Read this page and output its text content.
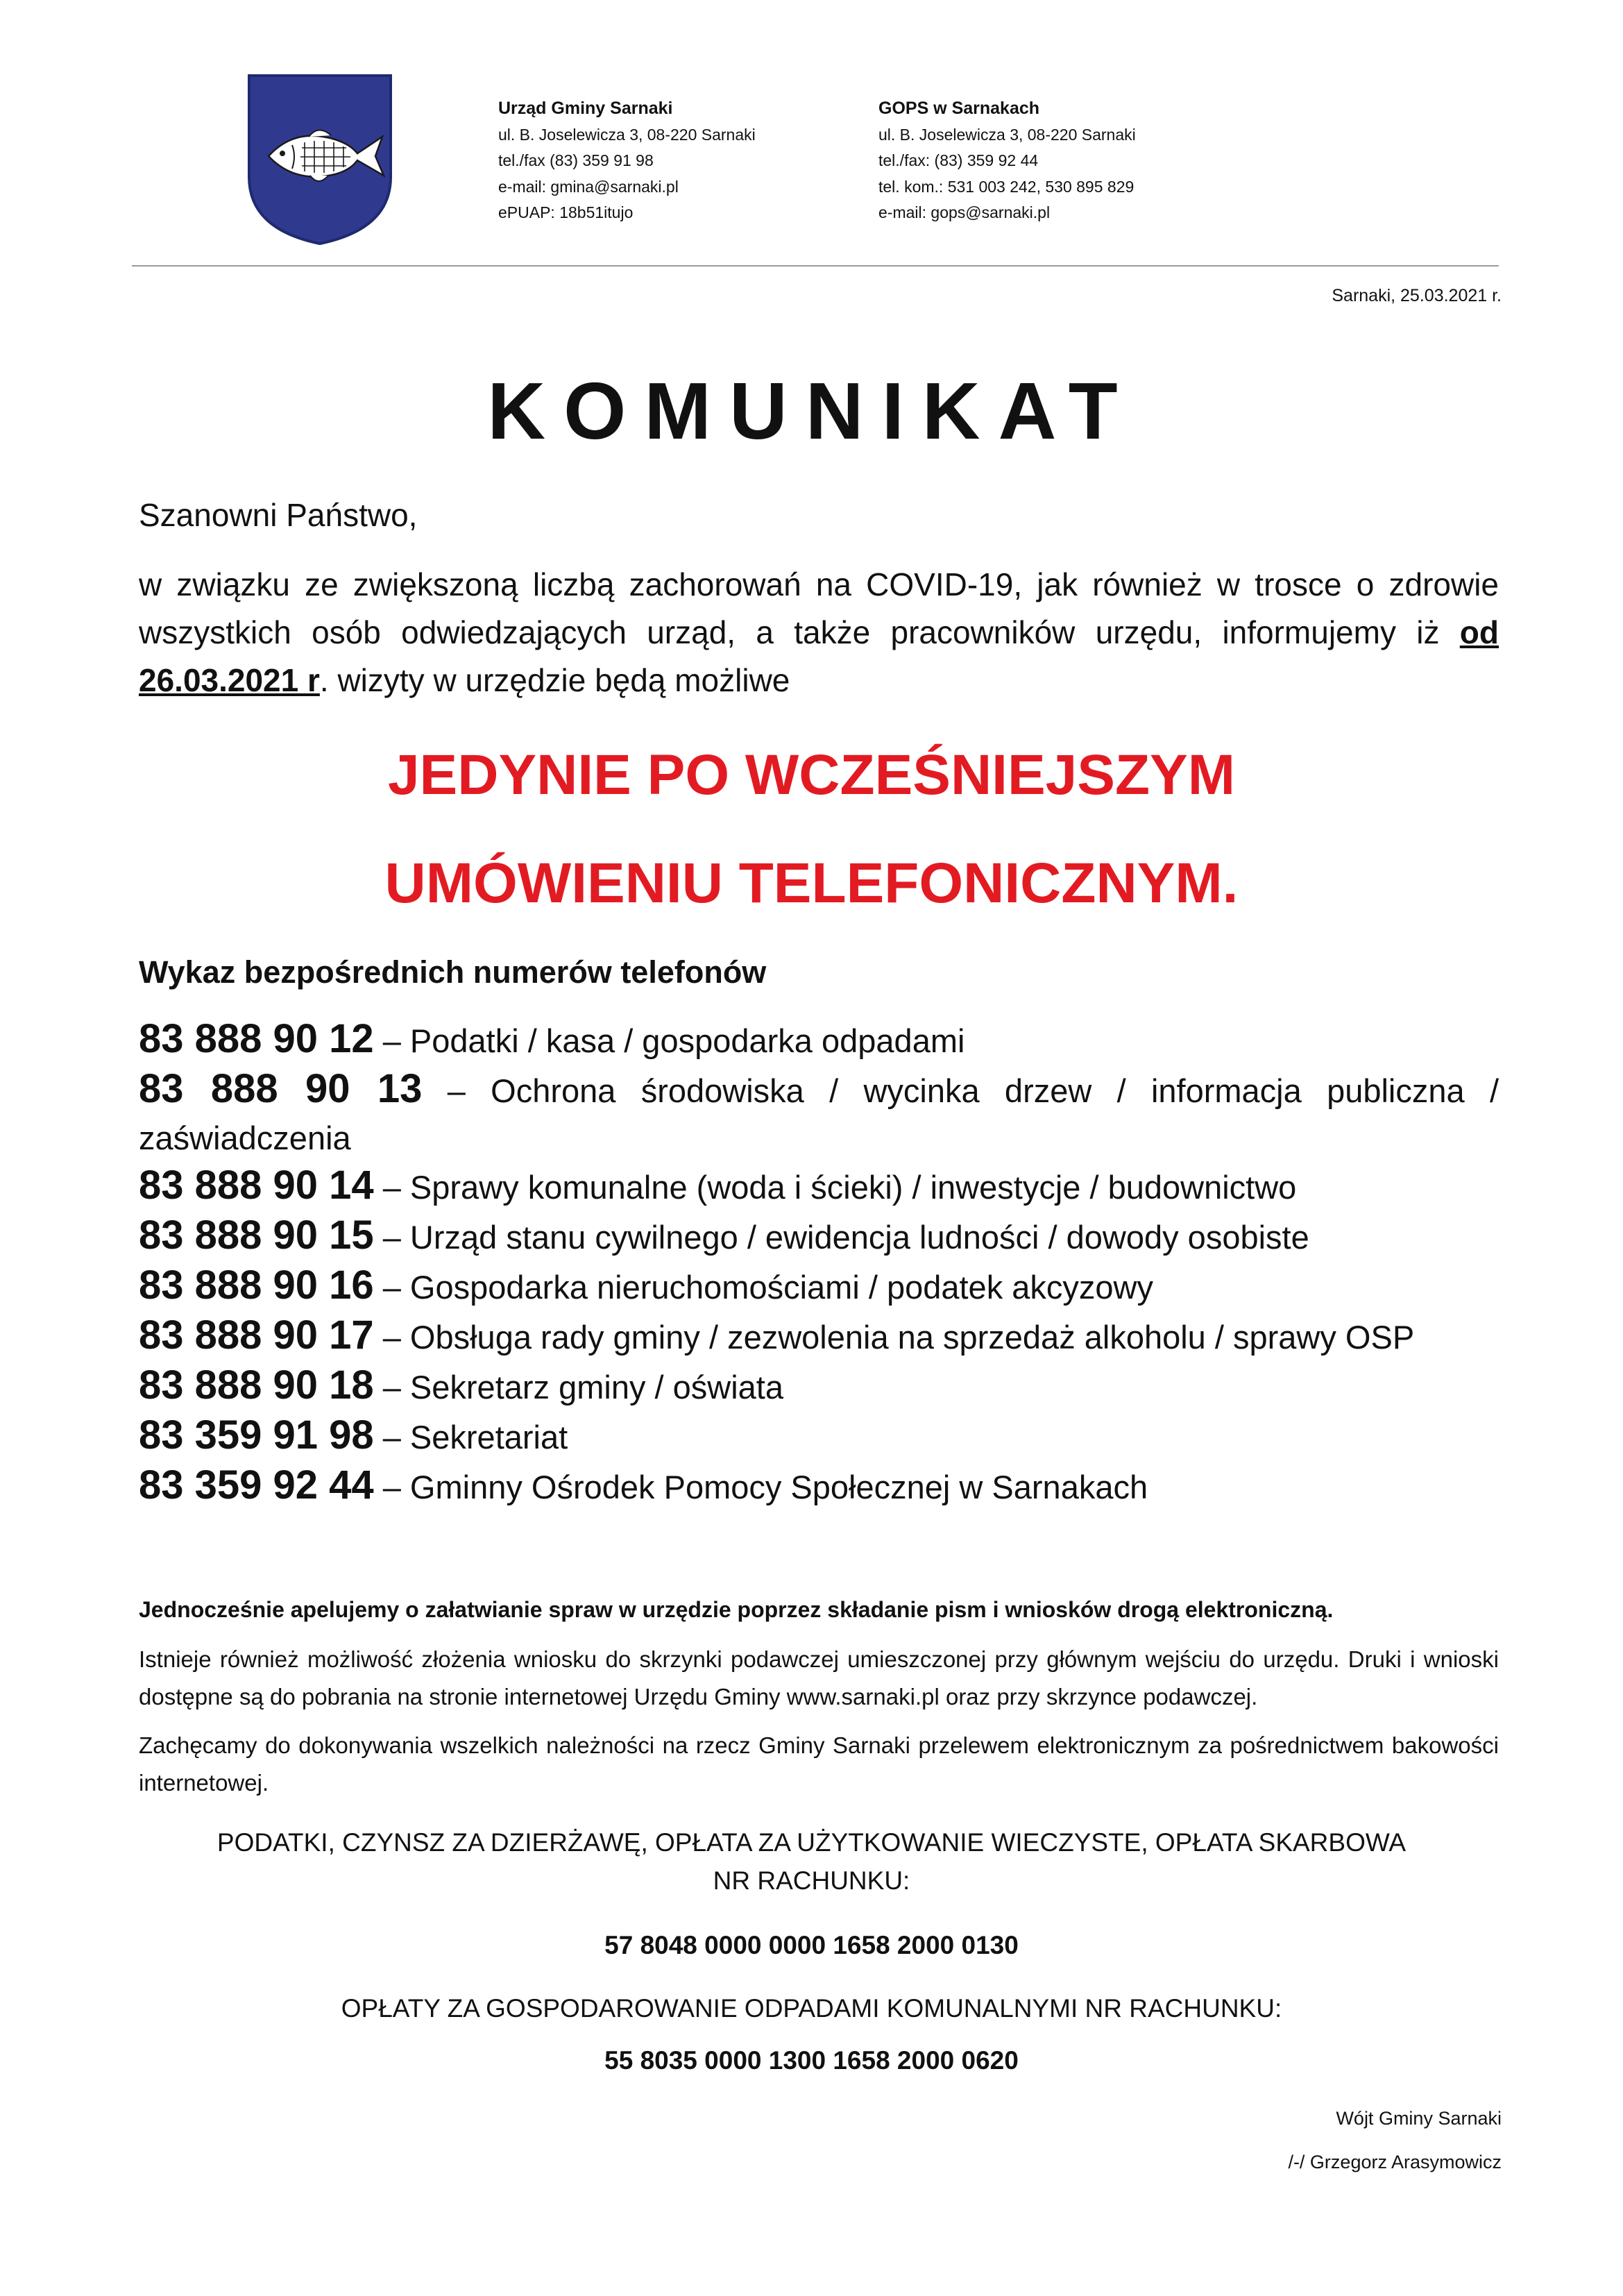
Urząd Gminy Sarnaki
ul. B. Joselewicza 3, 08-220 Sarnaki
tel./fax (83) 359 91 98
e-mail: gmina@sarnaki.pl
ePUAP: 18b51itujo
GOPS w Sarnakach
ul. B. Joselewicza 3, 08-220 Sarnaki
tel./fax: (83) 359 92 44
tel. kom.: 531 003 242, 530 895 829
e-mail: gops@sarnaki.pl
Sarnaki, 25.03.2021 r.
KOMUNIKAT
Szanowni Państwo,
w związku ze zwiększoną liczbą zachorowań na COVID-19, jak również w trosce o zdrowie wszystkich osób odwiedzających urząd, a także pracowników urzędu, informujemy iż od 26.03.2021 r. wizyty w urzędzie będą możliwe
JEDYNIE PO WCZEŚNIEJSZYM
UMÓWIENIU TELEFONICZNYM.
Wykaz bezpośrednich numerów telefonów
83 888 90 12 – Podatki / kasa / gospodarka odpadami
83 888 90 13 – Ochrona środowiska / wycinka drzew / informacja publiczna /
zaświadczenia
83 888 90 14 – Sprawy komunalne (woda i ścieki) / inwestycje / budownictwo
83 888 90 15 – Urząd stanu cywilnego / ewidencja ludności / dowody osobiste
83 888 90 16 – Gospodarka nieruchomościami / podatek akcyzowy
83 888 90 17 – Obsługa rady gminy / zezwolenia na sprzedaż alkoholu / sprawy OSP
83 888 90 18 – Sekretarz gminy / oświata
83 359 91 98 – Sekretariat
83 359 92 44 – Gminny Ośrodek Pomocy Społecznej w Sarnakach
Jednocześnie apelujemy o załatwianie spraw w urzędzie poprzez składanie pism i wniosków drogą elektroniczną.
Istnieje również możliwość złożenia wniosku do skrzynki podawczej umieszczonej przy głównym wejściu do urzędu. Druki i wnioski dostępne są do pobrania na stronie internetowej Urzędu Gminy www.sarnaki.pl oraz przy skrzynce podawczej.
Zachęcamy do dokonywania wszelkich należności na rzecz Gminy Sarnaki przelewem elektronicznym za pośrednictwem bakowości internetowej.
PODATKI, CZYNSZ ZA DZIERŻAWĘ, OPŁATA ZA UŻYTKOWANIE WIECZYSTE, OPŁATA SKARBOWA
NR RACHUNKU:
57 8048 0000 0000 1658 2000 0130
OPŁATY ZA GOSPODAROWANIE ODPADAMI KOMUNALNYMI NR RACHUNKU:
55 8035 0000 1300 1658 2000 0620
Wójt Gminy Sarnaki
/-/ Grzegorz Arasymowicz
